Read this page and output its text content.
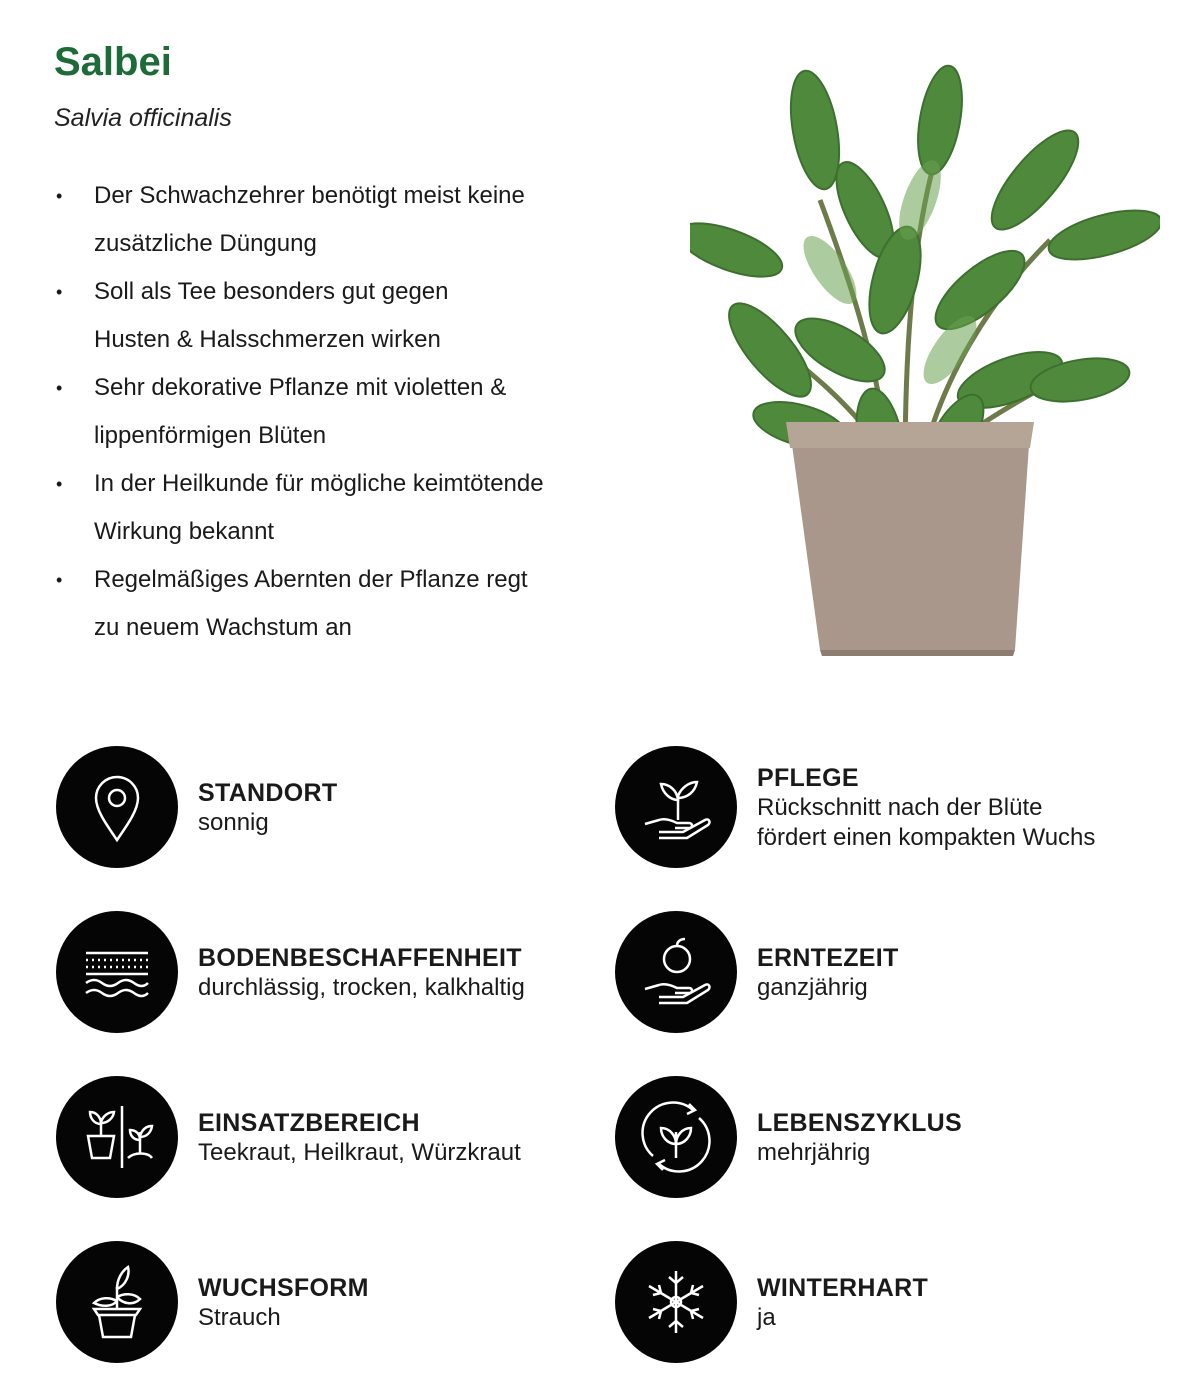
Salbei
Salvia officinalis
• Der Schwachzehrer benötigt meist keine
zusätzliche Düngung
• Soll als Tee besonders gut gegen
Husten & Halsschmerzen wirken
• Sehr dekorative Pflanze mit violetten &
lippenförmigen Blüten
• In der Heilkunde für mögliche keimtötende
Wirkung bekannt
• Regelmäßiges Abernten der Pflanze regt
zu neuem Wachstum an
STANDORT
sonnig
PFLEGE
Rückschnitt nach der Blüte
fördert einen kompakten Wuchs
BODENBESCHAFFENHEIT
durchlässig, trocken, kalkhaltig
ERNTEZEIT
ganzjährig
EINSATZBEREICH
Teekraut, Heilkraut, Würzkraut
LEBENSZYKLUS
mehrjährig
WUCHSFORM
Strauch
WINTERHART
ja
